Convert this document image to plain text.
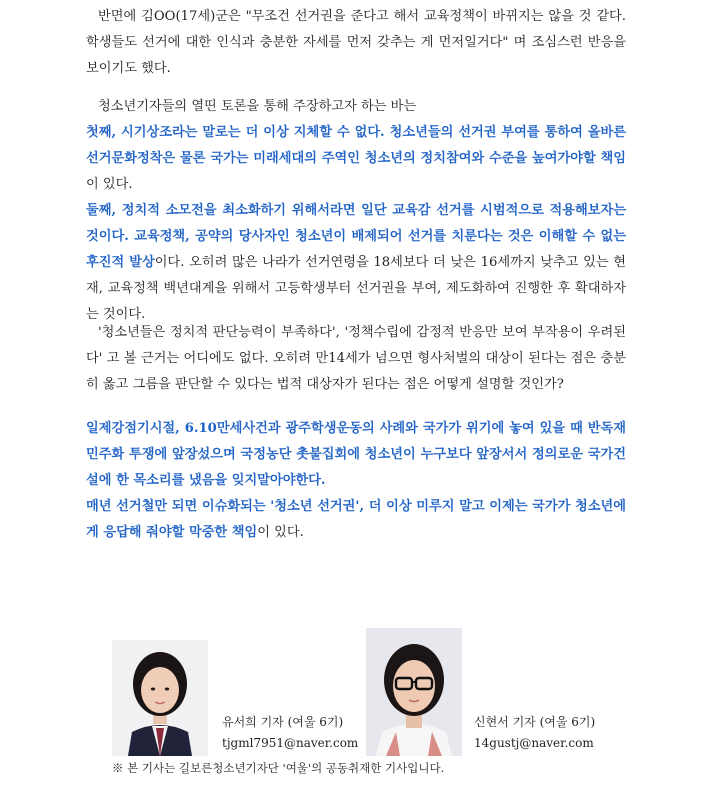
반면에 김OO(17세)군은 "무조건 선거권을 준다고 해서 교육정책이 바뀌지는 않을 것 같다. 학생들도 선거에 대한 인식과 충분한 자세를 먼저 갖추는 게 먼저일거다" 며 조심스런 반응을 보이기도 했다.

청소년기자들의 열띤 토론을 통해 주장하고자 하는 바는

첫째, 시기상조라는 말로는 더 이상 지체할 수 없다. 청소년들의 선거권 부여를 통하여 올바른 선거문화정착은 물론 국가는 미래세대의 주역인 청소년의 정치참여와 수준을 높여가야할 책임이 있다.

둘째, 정치적 소모전을 최소화하기 위해서라면 일단 교육감 선거를 시범적으로 적용해보자는 것이다. 교육정책, 공약의 당사자인 청소년이 배제되어 선거를 치룬다는 것은 이해할 수 없는 후진적 발상이다. 오히려 많은 나라가 선거연령을 18세보다 더 낮은 16세까지 낮추고 있는 현재, 교육정책 백년대계을 위해서 고등학생부터 선거권을 부여, 제도화하여 진행한 후 확대하자는 것이다.

'청소년들은 정치적 판단능력이 부족하다', '정책수립에 감정적 반응만 보여 부작용이 우려된다' 고 볼 근거는 어디에도 없다. 오히려 만14세가 넘으면 형사처벌의 대상이 된다는 점은 충분히 옳고 그름을 판단할 수 있다는 법적 대상자가 된다는 점은 어떻게 설명할 것인가?

일제강점기시절, 6.10만세사건과 광주학생운동의 사례와 국가가 위기에 놓여 있을 때 반독재 민주화 투쟁에 앞장섰으며 국정농단 촛불집회에 청소년이 누구보다 앞장서서 정의로운 국가건설에 한 목소리를 냈음을 잊지말아야한다.

매년 선거철만 되면 이슈화되는 '청소년 선거권', 더 이상 미루지 말고 이제는 국가가 청소년에게 응답해 줘야할 막중한 책임이 있다.

유서희 기자 (여울 6기)
tjgml7951@naver.com
신현서 기자 (여울 6기)
14gustj@naver.com
※ 본 기사는 길보른청소년기자단 '여울'의 공동취재한 기사입니다.
